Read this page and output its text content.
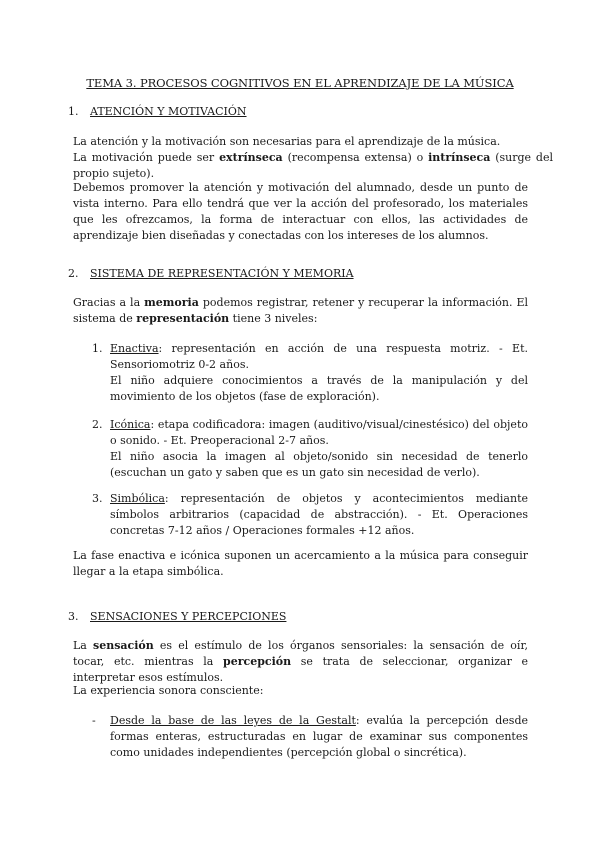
TEMA 3. PROCESOS COGNITIVOS EN EL APRENDIZAJE DE LA MÚSICA
1. ATENCIÓN Y MOTIVACIÓN

La atención y la motivación son necesarias para el aprendizaje de la música.

La motivación puede ser extrínseca (recompensa extensa) o intrínseca (surge del propio sujeto).

Debemos promover la atención y motivación del alumnado, desde un punto de vista interno. Para ello tendrá que ver la acción del profesorado, los materiales que les ofrezcamos, la forma de interactuar con ellos, las actividades de aprendizaje bien diseñadas y conectadas con los intereses de los alumnos.

2. SISTEMA DE REPRESENTACIÓN Y MEMORIA

Gracias a la memoria podemos registrar, retener y recuperar la información. El sistema de representación tiene 3 niveles:

1. Enactiva: representación en acción de una respuesta motriz. - Et. Sensoriomotriz 0-2 años.

El niño adquiere conocimientos a través de la manipulación y del movimiento de los objetos (fase de exploración).

2. Icónica: etapa codificadora: imagen (auditivo/visual/cinestésico) del objeto o sonido. - Et. Preoperacional 2-7 años.

El niño asocia la imagen al objeto/sonido sin necesidad de tenerlo (escuchan un gato y saben que es un gato sin necesidad de verlo).

3. Simbólica: representación de objetos y acontecimientos mediante símbolos arbitrarios (capacidad de abstracción). - Et. Operaciones concretas 7-12 años / Operaciones formales +12 años.

La fase enactiva e icónica suponen un acercamiento a la música para conseguir llegar a la etapa simbólica.

3. SENSACIONES Y PERCEPCIONES

La sensación es el estímulo de los órganos sensoriales: la sensación de oír, tocar, etc. mientras la percepción se trata de seleccionar, organizar e interpretar esos estímulos.

La experiencia sonora consciente:

- Desde la base de las leyes de la Gestalt: evalúa la percepción desde formas enteras, estructuradas en lugar de examinar sus componentes como unidades independientes (percepción global o sincrética).
